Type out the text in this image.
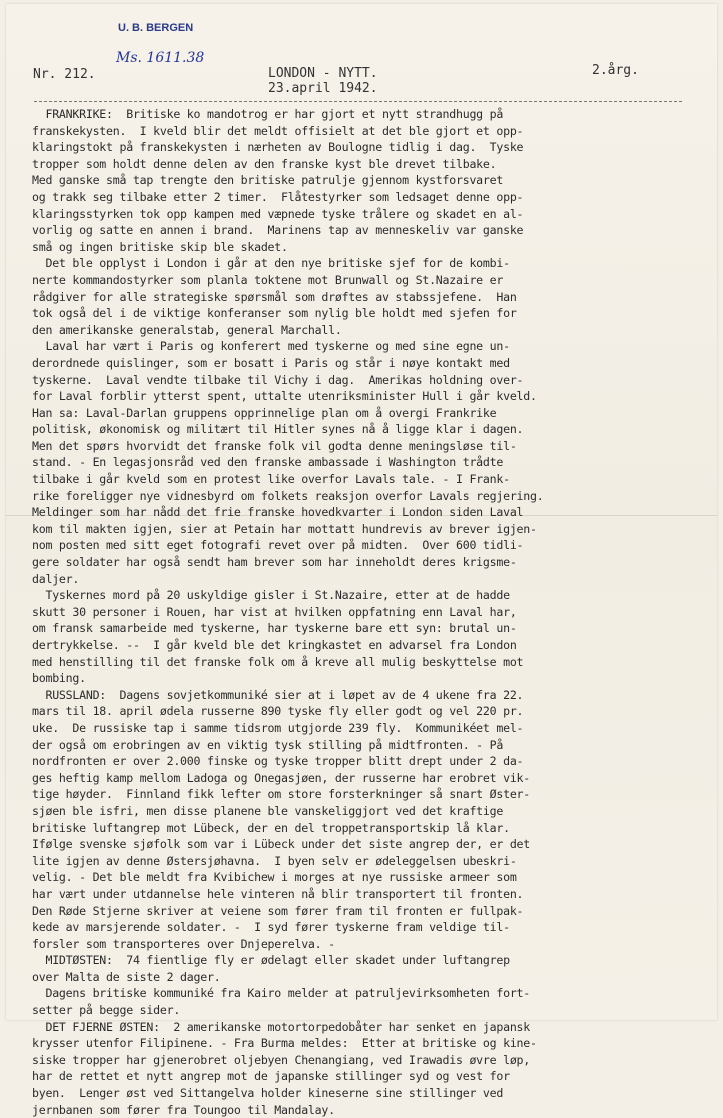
U. B. BERGEN
Ms. 1611.38
Nr. 212.	LONDON - NYTT.
23.april 1942.
2.årg.

FRANKRIKE:  Britiske ko mandotrog er har gjort et nytt strandhugg på

franskekysten.  I kveld blir det meldt offisielt at det ble gjort et opp-

klaringstokt på franskekysten i nærheten av Boulogne tidlig i dag.  Tyske

tropper som holdt denne delen av den franske kyst ble drevet tilbake.

Med ganske små tap trengte den britiske patrulje gjennom kystforsvaret

og trakk seg tilbake etter 2 timer.  Flåtestyrker som ledsaget denne opp-

klaringsstyrken tok opp kampen med væpnede tyske trålere og skadet en al-

vorlig og satte en annen i brand.  Marinens tap av menneskeliv var ganske

små og ingen britiske skip ble skadet.

Det ble opplyst i London i går at den nye britiske sjef for de kombi-

nerte kommandostyrker som planla toktene mot Brunwall og St.Nazaire er

rådgiver for alle strategiske spørsmål som drøftes av stabssjefene.  Han

tok også del i de viktige konferanser som nylig ble holdt med sjefen for

den amerikanske generalstab, general Marchall.

Laval har vært i Paris og konferert med tyskerne og med sine egne un-

derordnede quislinger, som er bosatt i Paris og står i nøye kontakt med

tyskerne.  Laval vendte tilbake til Vichy i dag.  Amerikas holdning over-

for Laval forblir ytterst spent, uttalte utenriksminister Hull i går kveld.

Han sa: Laval-Darlan gruppens opprinnelige plan om å overgi Frankrike

politisk, økonomisk og militært til Hitler synes nå å ligge klar i dagen.

Men det spørs hvorvidt det franske folk vil godta denne meningsløse til-

stand. - En legasjonsråd ved den franske ambassade i Washington trådte

tilbake i går kveld som en protest like overfor Lavals tale. - I Frank-

rike foreligger nye vidnesbyrd om folkets reaksjon overfor Lavals regjering.

Meldinger som har nådd det frie franske hovedkvarter i London siden Laval

kom til makten igjen, sier at Petain har mottatt hundrevis av brever igjen-

nom posten med sitt eget fotografi revet over på midten.  Over 600 tidli-

gere soldater har også sendt ham brever som har inneholdt deres krigsme-

daljer.

Tyskernes mord på 20 uskyldige gisler i St.Nazaire, etter at de hadde

skutt 30 personer i Rouen, har vist at hvilken oppfatning enn Laval har,

om fransk samarbeide med tyskerne, har tyskerne bare ett syn: brutal un-

dertrykkelse. --  I går kveld ble det kringkastet en advarsel fra London

med henstilling til det franske folk om å kreve all mulig beskyttelse mot

bombing.

RUSSLAND:  Dagens sovjetkommuniké sier at i løpet av de 4 ukene fra 22.

mars til 18. april ødela russerne 890 tyske fly eller godt og vel 220 pr.

uke.  De russiske tap i samme tidsrom utgjorde 239 fly.  Kommunikéet mel-

der også om erobringen av en viktig tysk stilling på midtfronten. - På

nordfronten er over 2.000 finske og tyske tropper blitt drept under 2 da-

ges heftig kamp mellom Ladoga og Onegasjøen, der russerne har erobret vik-

tige høyder.  Finnland fikk lefter om store forsterkninger så snart Øster-

sjøen ble isfri, men disse planene ble vanskeliggjort ved det kraftige

britiske luftangrep mot Lübeck, der en del troppetransportskip lå klar.

Ifølge svenske sjøfolk som var i Lübeck under det siste angrep der, er det

lite igjen av denne Østersjøhavna.  I byen selv er ødeleggelsen ubeskri-

velig. - Det ble meldt fra Kvibichew i morges at nye russiske armeer som

har vært under utdannelse hele vinteren nå blir transportert til fronten.

Den Røde Stjerne skriver at veiene som fører fram til fronten er fullpak-

kede av marsjerende soldater. -  I syd fører tyskerne fram veldige til-

forsler som transporteres over Dnjeperelva. -

MIDTØSTEN:  74 fientlige fly er ødelagt eller skadet under luftangrep

over Malta de siste 2 dager.

Dagens britiske kommuniké fra Kairo melder at patruljevirksomheten fort-

setter på begge sider.

DET FJERNE ØSTEN:  2 amerikanske motortorpedobåter har senket en japansk

krysser utenfor Filipinene. - Fra Burma meldes:  Etter at britiske og kine-

siske tropper har gjenerobret oljebyen Chenangiang, ved Irawadis øvre løp,

har de rettet et nytt angrep mot de japanske stillinger syd og vest for

byen.  Lenger øst ved Sittangelva holder kineserne sine stillinger ved

jernbanen som fører fra Toungoo til Mandalay.
